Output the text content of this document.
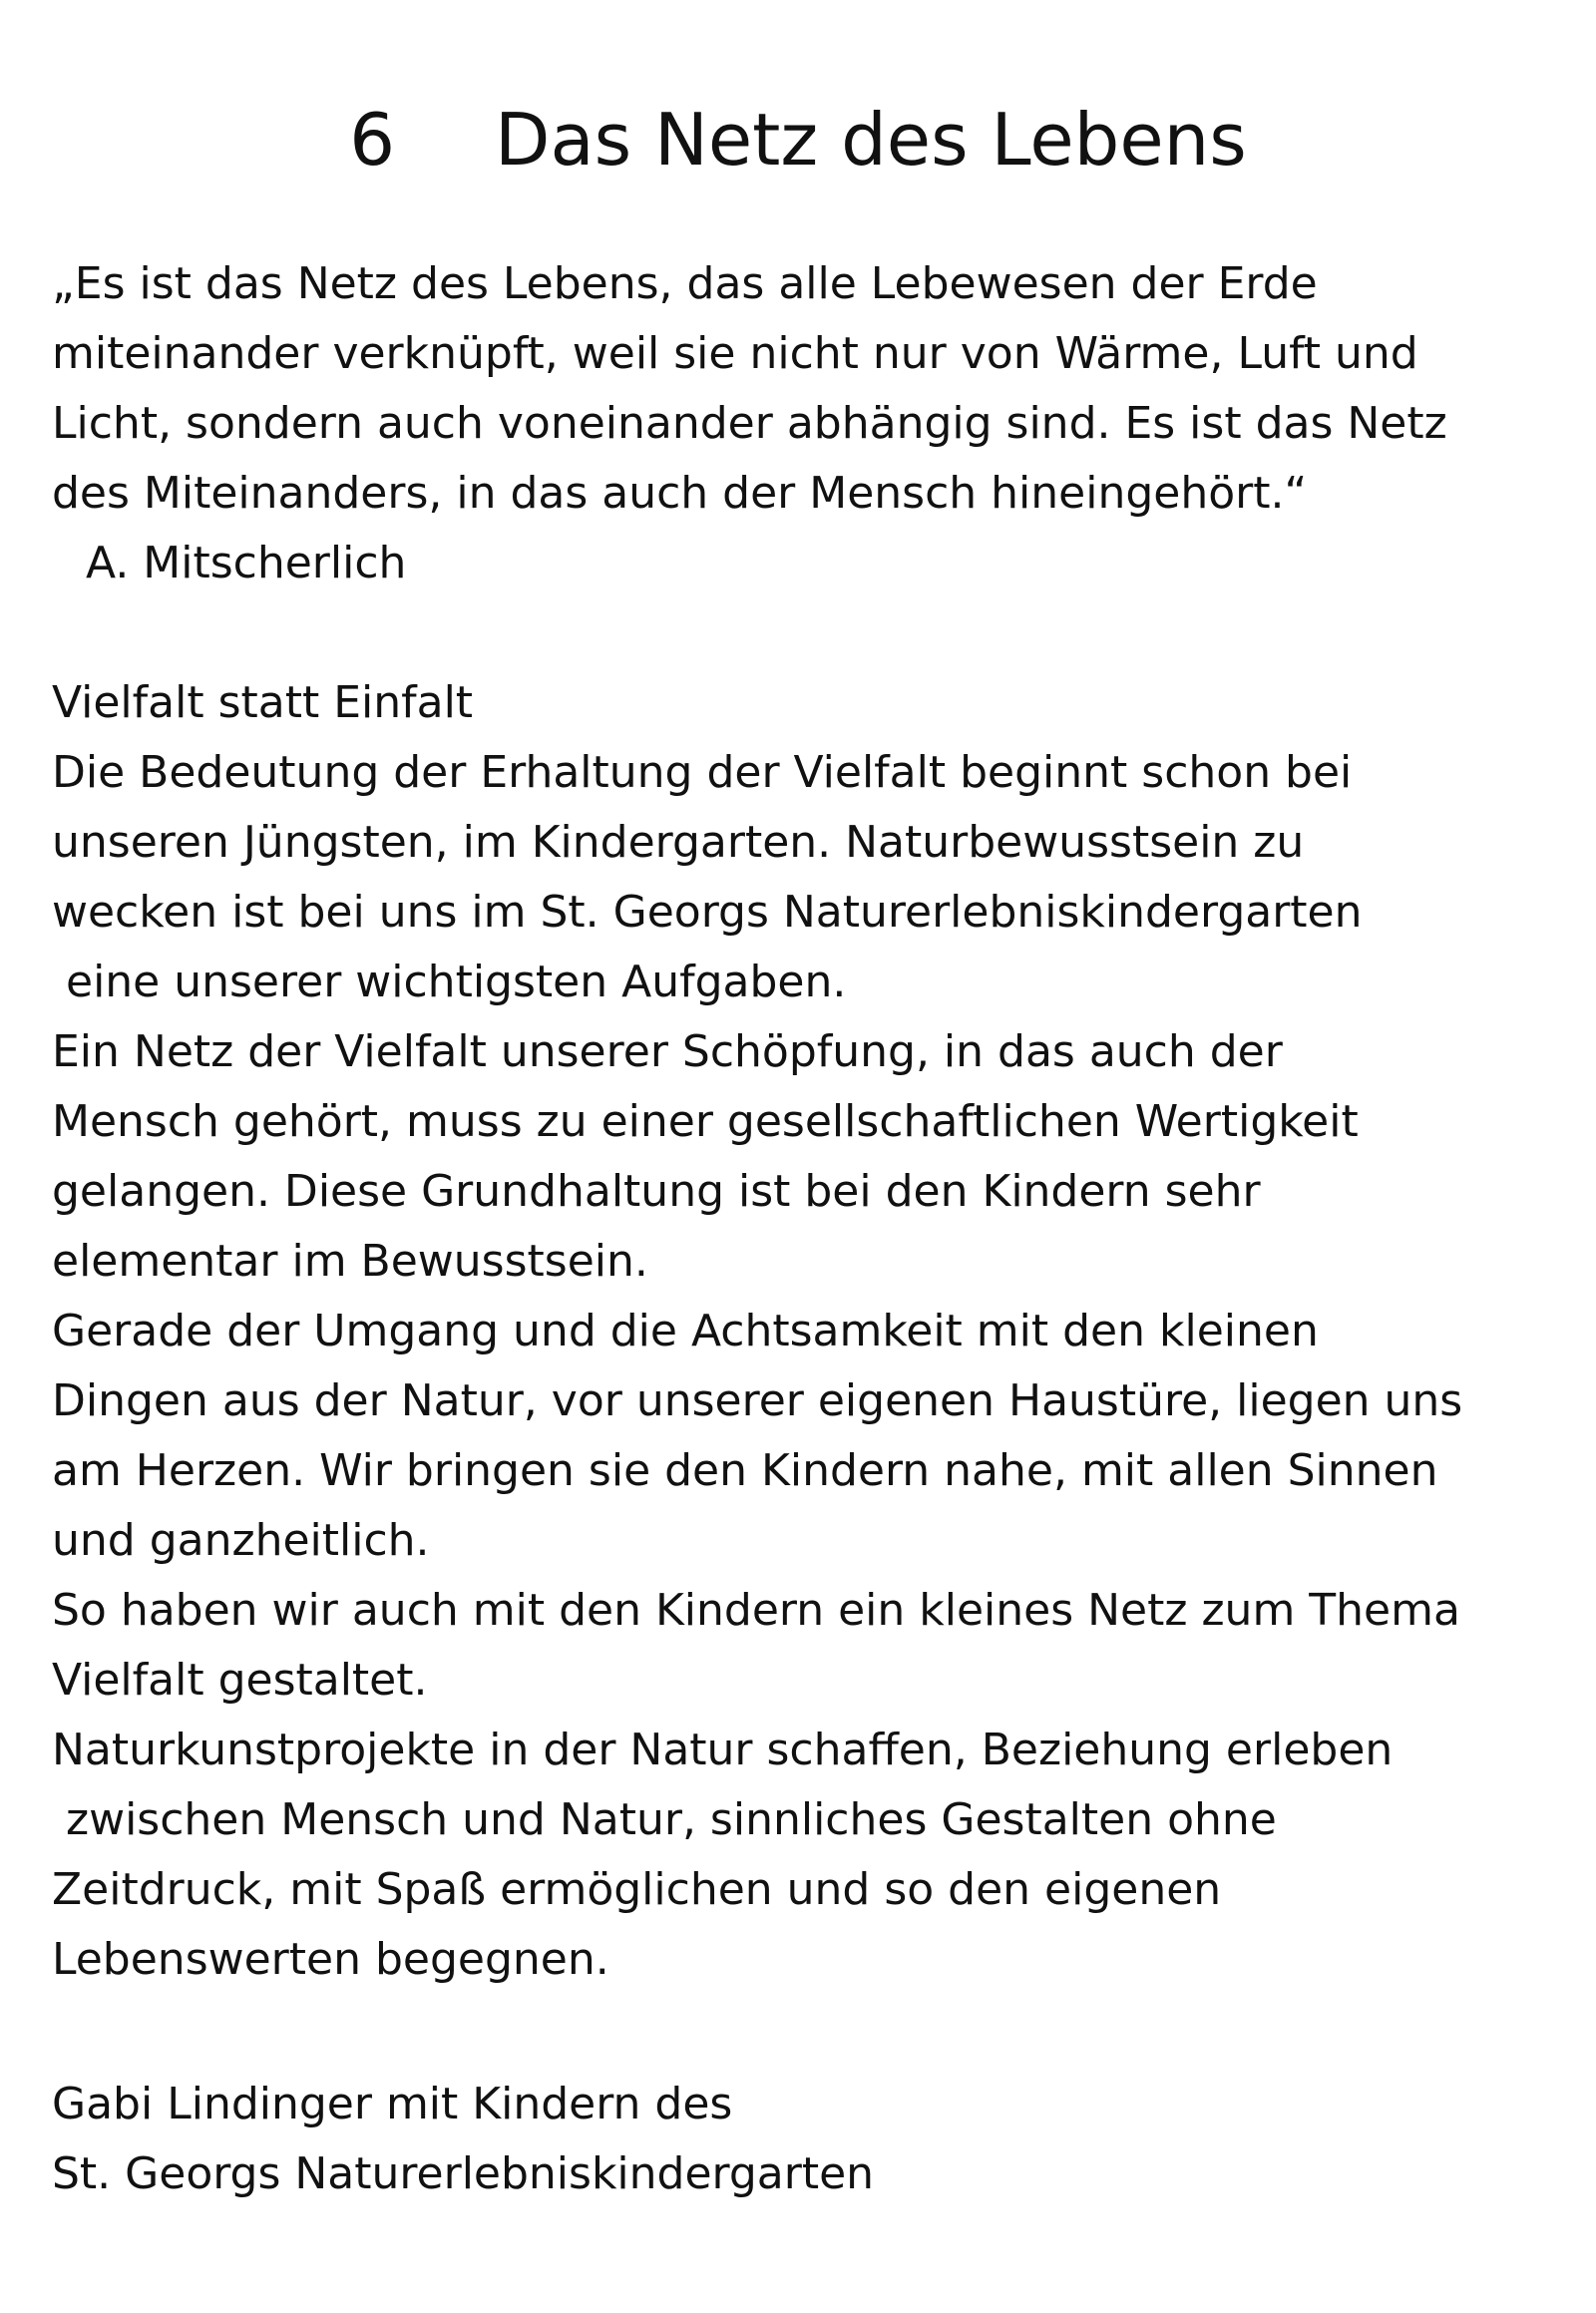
6 Das Netz des Lebens
„Es ist das Netz des Lebens, das alle Lebewesen der Erde
miteinander verknüpft, weil sie nicht nur von Wärme, Luft und
Licht, sondern auch voneinander abhängig sind. Es ist das Netz
des Miteinanders, in das auch der Mensch hineingehört.“
A. Mitscherlich
Vielfalt statt Einfalt
Die Bedeutung der Erhaltung der Vielfalt beginnt schon bei
unseren Jüngsten, im Kindergarten. Naturbewusstsein zu
wecken ist bei uns im St. Georgs Naturerlebniskindergarten
eine unserer wichtigsten Aufgaben.
Ein Netz der Vielfalt unserer Schöpfung, in das auch der
Mensch gehört, muss zu einer gesellschaftlichen Wertigkeit
gelangen. Diese Grundhaltung ist bei den Kindern sehr
elementar im Bewusstsein.
Gerade der Umgang und die Achtsamkeit mit den kleinen
Dingen aus der Natur, vor unserer eigenen Haustüre, liegen uns
am Herzen. Wir bringen sie den Kindern nahe, mit allen Sinnen
und ganzheitlich.
So haben wir auch mit den Kindern ein kleines Netz zum Thema
Vielfalt gestaltet.
Naturkunstprojekte in der Natur schaffen, Beziehung erleben
zwischen Mensch und Natur, sinnliches Gestalten ohne
Zeitdruck, mit Spaß ermöglichen und so den eigenen
Lebenswerten begegnen.
Gabi Lindinger mit Kindern des
St. Georgs Naturerlebniskindergarten
